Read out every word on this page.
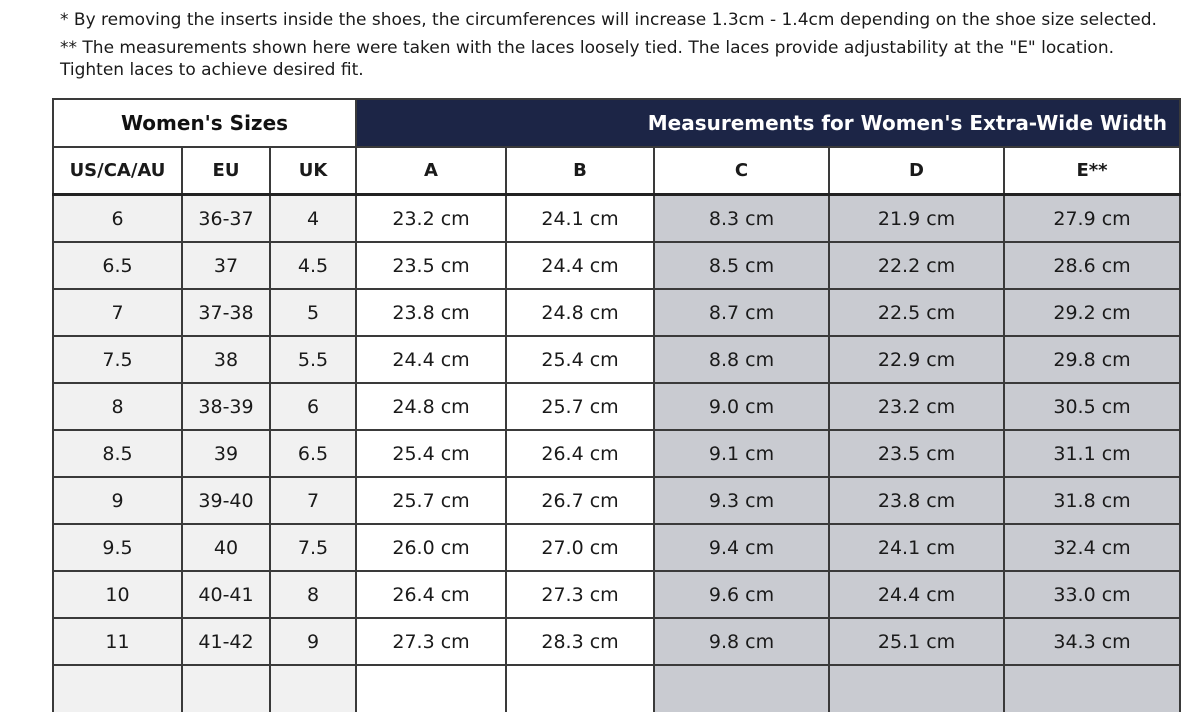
* By removing the inserts inside the shoes, the circumferences will increase 1.3cm - 1.4cm depending on the shoe size selected.

** The measurements shown here were taken with the laces loosely tied. The laces provide adjustability at the "E" location. Tighten laces to achieve desired fit.

Women's Sizes			Measurements for Women's Extra-Wide Width				
US/CA/AU	EU	UK	A	B	C	D	E**
6	36-37	4	23.2 cm	24.1 cm	8.3 cm	21.9 cm	27.9 cm
6.5	37	4.5	23.5 cm	24.4 cm	8.5 cm	22.2 cm	28.6 cm
7	37-38	5	23.8 cm	24.8 cm	8.7 cm	22.5 cm	29.2 cm
7.5	38	5.5	24.4 cm	25.4 cm	8.8 cm	22.9 cm	29.8 cm
8	38-39	6	24.8 cm	25.7 cm	9.0 cm	23.2 cm	30.5 cm
8.5	39	6.5	25.4 cm	26.4 cm	9.1 cm	23.5 cm	31.1 cm
9	39-40	7	25.7 cm	26.7 cm	9.3 cm	23.8 cm	31.8 cm
9.5	40	7.5	26.0 cm	27.0 cm	9.4 cm	24.1 cm	32.4 cm
10	40-41	8	26.4 cm	27.3 cm	9.6 cm	24.4 cm	33.0 cm
11	41-42	9	27.3 cm	28.3 cm	9.8 cm	25.1 cm	34.3 cm
